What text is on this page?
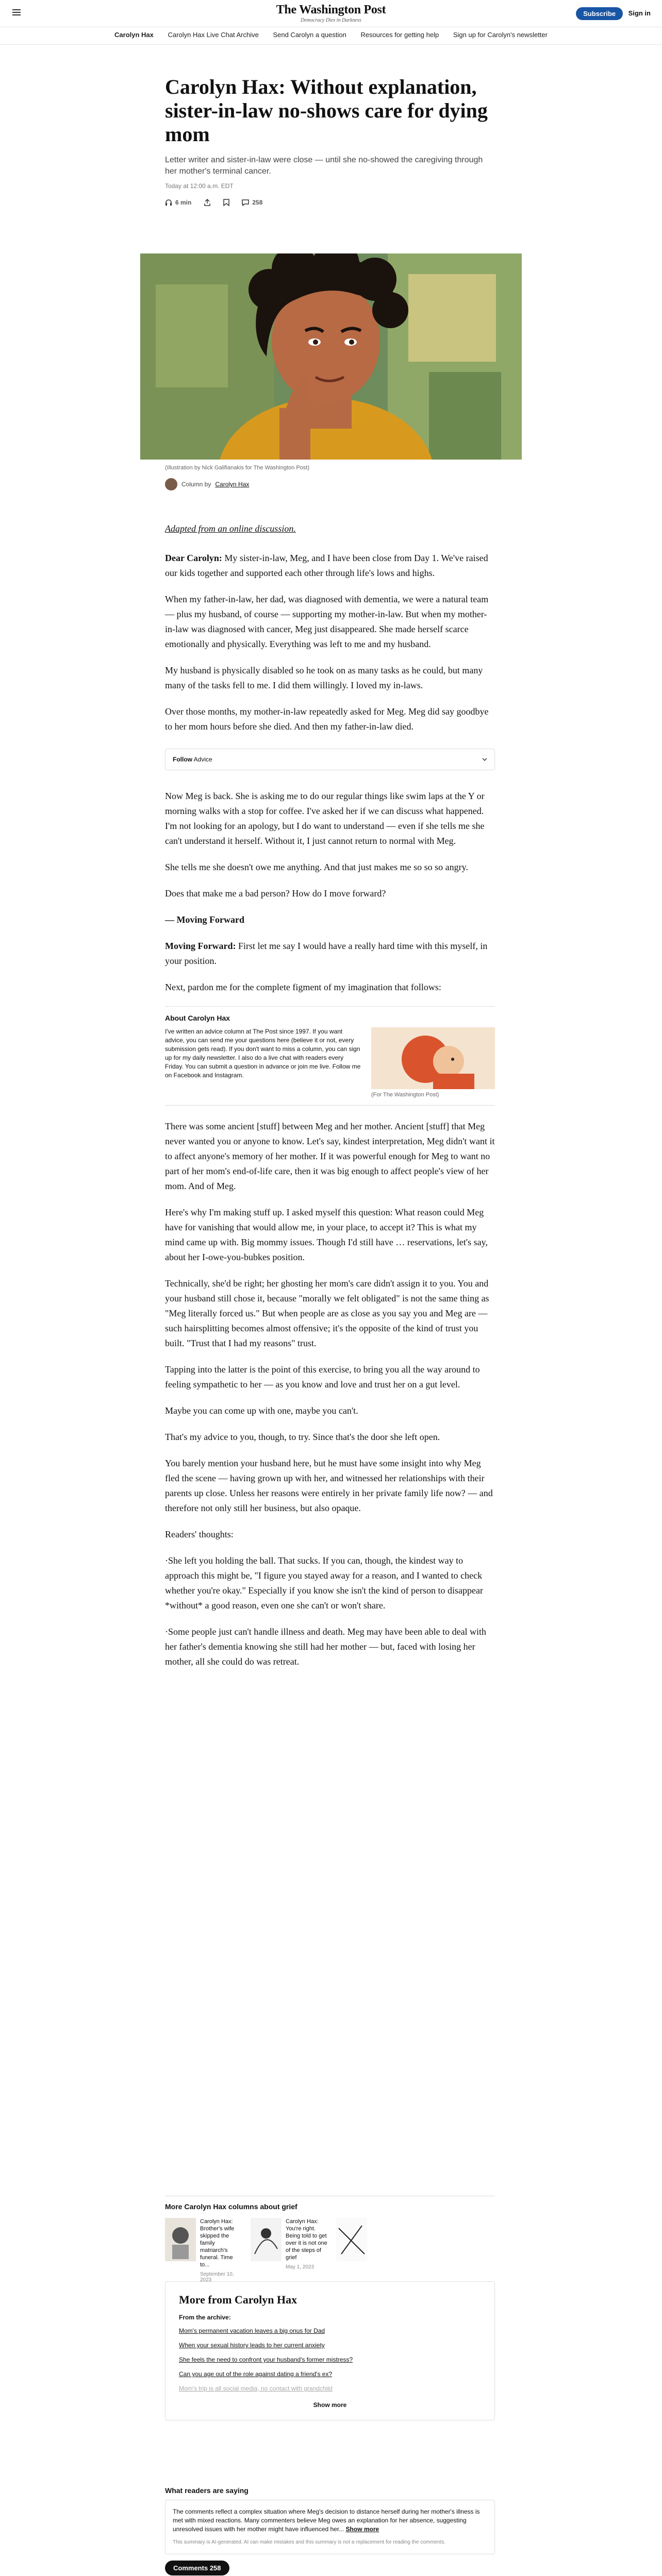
The Washington Post
Democracy Dies in Darkness
Subscribe	Sign in
Carolyn Hax Carolyn Hax Live Chat Archive Send Carolyn a question Resources for getting help Sign up for Carolyn's newsletter
Carolyn Hax: Without explanation, sister-in-law no-shows care for dying mom
Letter writer and sister-in-law were close — until she no-showed the caregiving through her mother's terminal cancer.
Today at 12:00 a.m. EDT
6 min	258
(Illustration by Nick Galifianakis for The Washington Post)
Column by Carolyn Hax

Adapted from an online discussion.

Dear Carolyn: My sister-in-law, Meg, and I have been close from Day 1. We've raised our kids together and supported each other through life's lows and highs.

When my father-in-law, her dad, was diagnosed with dementia, we were a natural team — plus my husband, of course — supporting my mother-in-law. But when my mother-in-law was diagnosed with cancer, Meg just disappeared. She made herself scarce emotionally and physically. Everything was left to me and my husband.

My husband is physically disabled so he took on as many tasks as he could, but many many of the tasks fell to me. I did them willingly. I loved my in-laws.

Over those months, my mother-in-law repeatedly asked for Meg. Meg did say goodbye to her mom hours before she died. And then my father-in-law died.

Follow Advice

Now Meg is back. She is asking me to do our regular things like swim laps at the Y or morning walks with a stop for coffee. I've asked her if we can discuss what happened. I'm not looking for an apology, but I do want to understand — even if she tells me she can't understand it herself. Without it, I just cannot return to normal with Meg.

She tells me she doesn't owe me anything. And that just makes me so so so angry.

Does that make me a bad person? How do I move forward?

— Moving Forward

Moving Forward: First let me say I would have a really hard time with this myself, in your position.

Next, pardon me for the complete figment of my imagination that follows:

About Carolyn Hax
I've written an advice column at The Post since 1997. If you want advice, you can send me your questions here (believe it or not, every submission gets read). If you don't want to miss a column, you can sign up for my daily newsletter. I also do a live chat with readers every Friday. You can submit a question in advance or join me live. Follow me on Facebook and Instagram.
(For The Washington Post)

There was some ancient [stuff] between Meg and her mother. Ancient [stuff] that Meg never wanted you or anyone to know. Let's say, kindest interpretation, Meg didn't want it to affect anyone's memory of her mother. If it was powerful enough for Meg to want no part of her mom's end-of-life care, then it was big enough to affect people's view of her mom. And of Meg.

Here's why I'm making stuff up. I asked myself this question: What reason could Meg have for vanishing that would allow me, in your place, to accept it? This is what my mind came up with. Big mommy issues. Though I'd still have … reservations, let's say, about her I-owe-you-bubkes position.

Technically, she'd be right; her ghosting her mom's care didn't assign it to you. You and your husband still chose it, because "morally we felt obligated" is not the same thing as "Meg literally forced us." But when people are as close as you say you and Meg are — such hairsplitting becomes almost offensive; it's the opposite of the kind of trust you built. "Trust that I had my reasons" trust.

Tapping into the latter is the point of this exercise, to bring you all the way around to feeling sympathetic to her — as you know and love and trust her on a gut level.

Maybe you can come up with one, maybe you can't.

That's my advice to you, though, to try. Since that's the door she left open.

You barely mention your husband here, but he must have some insight into why Meg fled the scene — having grown up with her, and witnessed her relationships with their parents up close. Unless her reasons were entirely in her private family life now? — and therefore not only still her business, but also opaque.

Readers' thoughts:

·She left you holding the ball. That sucks. If you can, though, the kindest way to approach this might be, "I figure you stayed away for a reason, and I wanted to check whether you're okay." Especially if you know she isn't the kind of person to disappear *without* a good reason, even one she can't or won't share.

·Some people just can't handle illness and death. Meg may have been able to deal with her father's dementia knowing she still had her mother — but, faced with losing her mother, all she could do was retreat.

More Carolyn Hax columns about grief
Carolyn Hax: Brother's wife skipped the family matriarch's funeral. Time to...
September 10, 2023
Carolyn Hax: You're right. Being told to get over it is not one of the steps of grief
May 1, 2023
More from Carolyn Hax
From the archive:
Mom's permanent vacation leaves a big onus for Dad
When your sexual history leads to her current anxiety
She feels the need to confront your husband's former mistress?
Can you age out of the role against dating a friend's ex?
Mom's trip is all social media, no contact with grandchild
Show more
What readers are saying
The comments reflect a complex situation where Meg's decision to distance herself during her mother's illness is met with mixed reactions. Many commenters believe Meg owes an explanation for her absence, suggesting unresolved issues with her mother might have influenced her... Show more
This summary is AI-generated. AI can make mistakes and this summary is not a replacement for reading the comments.
Comments 258
